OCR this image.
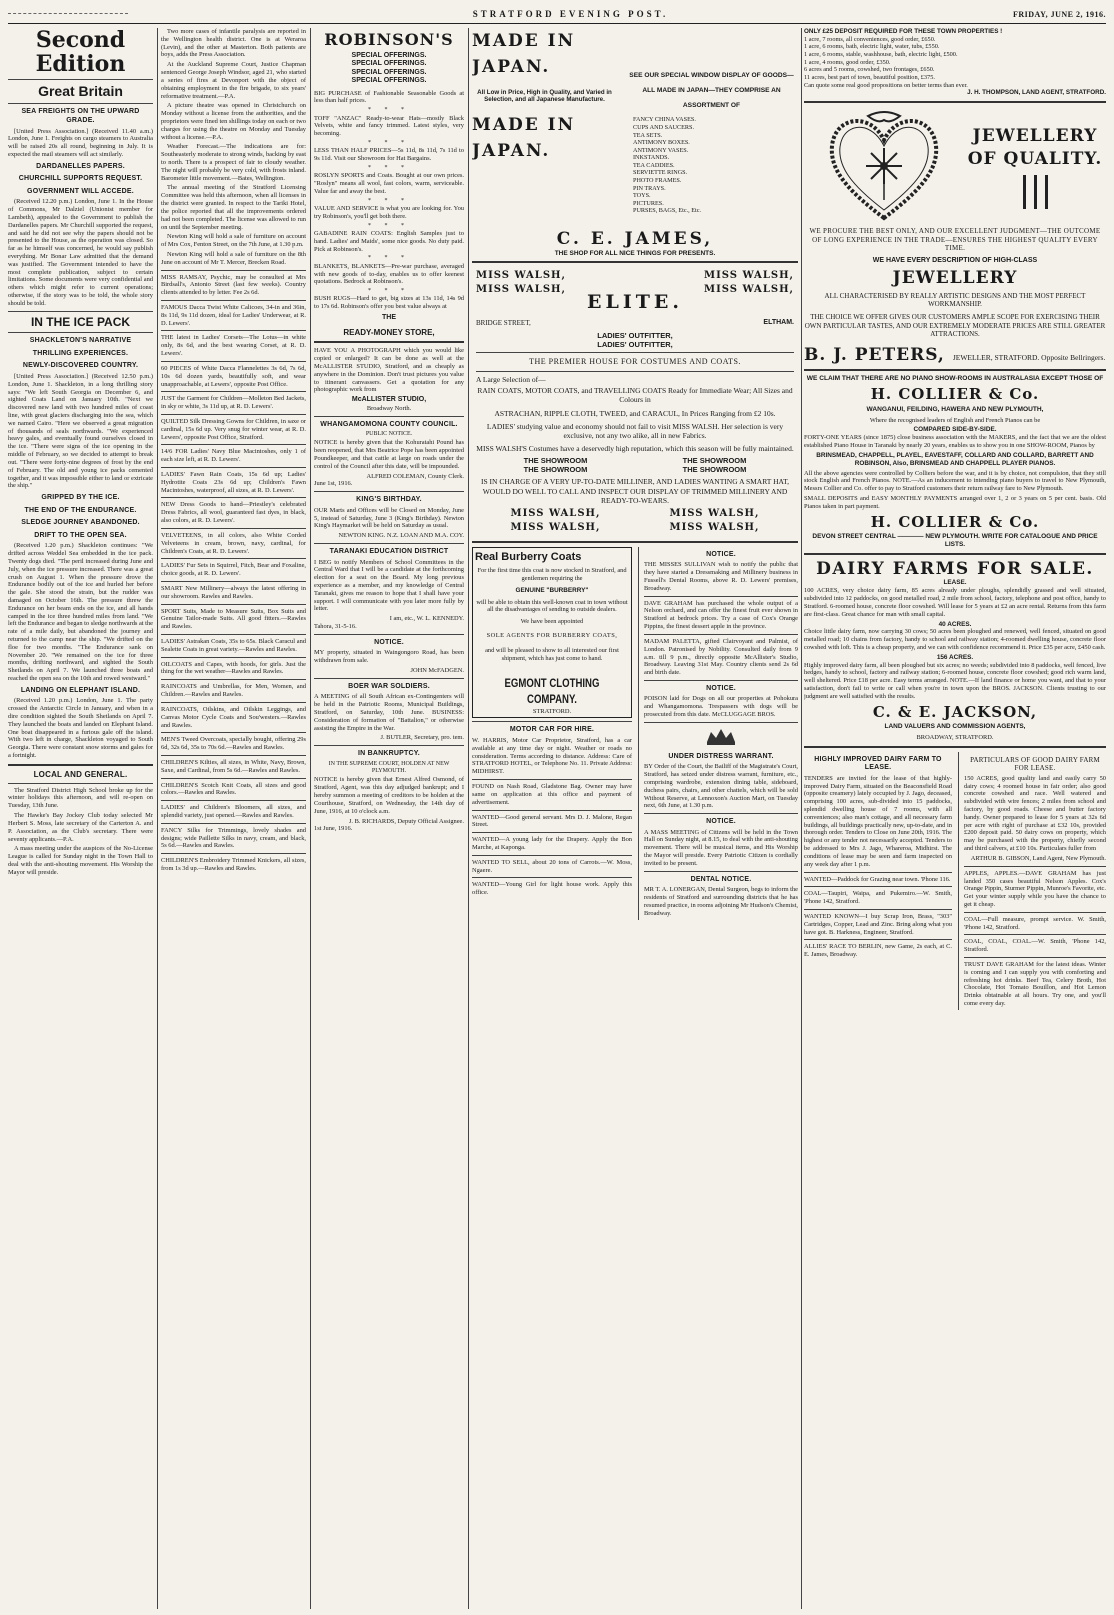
STRATFORD EVENING POST.	FRIDAY, JUNE 2, 1916.
Second Edition
Great Britain
SEA FREIGHTS ON THE UPWARD GRADE.

[United Press Association.] (Received 11.40 a.m.) London, June 1. Freights on cargo steamers to Australia will be raised 20s all round, beginning in July. It is expected the mail steamers will act similarly.

DARDANELLES PAPERS.
CHURCHILL SUPPORTS REQUEST.
GOVERNMENT WILL ACCEDE.

(Received 12.20 p.m.) London, June 1. In the House of Commons, Mr Dalziel (Unionist member for Lambeth), appealed to the Government to publish the Dardanelles papers. Mr Churchill supported the request, and said he did not see why the papers should not be presented to the House, as the operation was closed. So far as he himself was concerned, he would say publish everything. Mr Bonar Law admitted that the demand was justified. The Government intended to have the most complete publication, subject to certain limitations. Some documents were very confidential and others which might refer to current operations; otherwise, if the story was to be told, the whole story should be told.

IN THE ICE PACK
SHACKLETON'S NARRATIVE
THRILLING EXPERIENCES.
NEWLY-DISCOVERED COUNTRY.

[United Press Association.] (Received 12.50 p.m.) London, June 1. Shackleton, in a long thrilling story says: "We left South Georgia on December 6, and sighted Coats Land on January 10th. "Next we discovered new land with two hundred miles of coast line, with great glaciers discharging into the sea, which we named Cairo. "Here we observed a great migration of thousands of seals northwards. "We experienced heavy gales, and eventually found ourselves closed in the ice. "There were signs of the ice opening in the middle of February, so we decided to attempt to break out. "There were forty-nine degrees of frost by the end of February. The old and young ice packs cemented together, and it was impossible either to land or extricate the ship."

GRIPPED BY THE ICE.
THE END OF THE ENDURANCE.
SLEDGE JOURNEY ABANDONED.
DRIFT TO THE OPEN SEA.

(Received 1.20 p.m.) Shackleton continues: "We drifted across Weddel Sea embedded in the ice pack. Twenty dogs died. "The peril increased during June and July, when the ice pressure increased. There was a great crush on August 1. When the pressure drove the Endurance bodily out of the ice and hurled her before the gale. She stood the strain, but the rudder was damaged on October 16th. The pressure threw the Endurance on her beam ends on the ice, and all hands camped in the ice three hundred miles from land. "We left the Endurance and began to sledge northwards at the rate of a mile daily, but abandoned the journey and returned to the camp near the ship. "We drifted on the floe for two months. "The Endurance sank on November 20. "We remained on the ice for three months, drifting northward, and sighted the South Shetlands on April 7. We launched three boats and reached the open sea on the 10th and rowed westward."

LANDING ON ELEPHANT ISLAND.

(Received 1.20 p.m.) London, June 1. The party crossed the Antarctic Circle in January, and when in a dire condition sighted the South Shetlands on April 7. They launched the boats and landed on Elephant Island. One boat disappeared in a furious gale off the island. With two left in charge, Shackleton voyaged to South Georgia. There were constant snow storms and gales for a fortnight.

LOCAL AND GENERAL.

The Stratford District High School broke up for the winter holidays this afternoon, and will re-open on Tuesday, 13th June.

The Hawke's Bay Jockey Club today selected Mr Herbert S. Moss, late secretary of the Carterton A. and P. Association, as the Club's secretary. There were seventy applicants.—P.A.

A mass meeting under the auspices of the No-License League is called for Sunday night in the Town Hall to deal with the anti-shouting movement. His Worship the Mayor will preside.

Two more cases of infantile paralysis are reported in the Wellington health district. One is at Weraroa (Levin), and the other at Masterton. Both patients are boys, adds the Press Association.

At the Auckland Supreme Court, Justice Chapman sentenced George Joseph Windsor, aged 21, who started a series of fires at Devonport with the object of obtaining employment in the fire brigade, to six years' reformative treatment.—P.A.

A picture theatre was opened in Christchurch on Monday without a license from the authorities, and the proprietors were fined ten shillings today on each or two charges for using the theatre on Monday and Tuesday without a license.—P.A.

Weather Forecast.—The indications are for: Southeasterly moderate to strong winds, backing by east to north. There is a prospect of fair to cloudy weather. The night will probably be very cold, with frosts inland. Barometer little movement.—Bates, Wellington.

The annual meeting of the Stratford Licensing Committee was held this afternoon, when all licenses in the district were granted. In respect to the Tariki Hotel, the police reported that all the improvements ordered had not been completed. The license was allowed to run on until the September meeting.

Newton King will hold a sale of furniture on account of Mrs Cox, Fenton Street, on the 7th June, at 1.30 p.m.

Newton King will hold a sale of furniture on the 8th June on account of Mr T. Mercer, Brecken Road.

MISS RAMSAY, Psychic, may be consulted at Mrs Birdsall's, Antonio Street (last few weeks). Country clients attended to by letter. Fee 2s 6d.

FAMOUS Dacca Twist White Calicoes, 34-in and 36in, 8s 11d, 9s 11d dozen, ideal for Ladies' Underwear, at R. D. Lewers'.

THE latest in Ladies' Corsets—The Lotus—in white only, 8s 6d, and the best wearing Corset, at R. D. Lewers'.

60 PIECES of White Dacca Flannelettes 3s 6d, 7s 6d, 10s 6d dozen yards, beautifully soft, and wear unapproachable, at Lewers', opposite Post Office.

JUST the Garment for Children—Molleton Bed Jackets, in sky or white, 3s 11d up, at R. D. Lewers'.

QUILTED Silk Dressing Gowns for Children, in saxe or cardinal, 15s 6d up. Very snug for winter wear, at R. D. Lewers', opposite Post Office, Stratford.

14/6 FOR Ladies' Navy Blue Macintoshes, only 1 of each size left, at R. D. Lewers'.

LADIES' Fawn Rain Coats, 15s 6d up; Ladies' Hydrotite Coats 23s 6d up; Children's Fawn Macintoshes, waterproof, all sizes, at R. D. Lewers'.

NEW Dress Goods to hand—Priestley's celebrated Dress Fabrics, all wool, guaranteed fast dyes, in black, also colors, at R. D. Lewers'.

VELVETEENS, in all colors, also White Corded Velveteens in cream, brown, navy, cardinal, for Children's Coats, at R. D. Lewers'.

LADIES' Fur Sets in Squirrel, Fitch, Bear and Foxaline, choice goods, at R. D. Lewers'.

SMART New Millinery—always the latest offering in our showroom. Rawles and Rawles.

SPORT Suits, Made to Measure Suits, Box Suits and Genuine Tailor-made Suits. All good fitters.—Rawles and Rawles.

LADIES' Astrakan Coats, 35s to 65s. Black Caracul and Sealette Coats in great variety.—Rawles and Rawles.

OILCOATS and Capes, with hoods, for girls. Just the thing for the wet weather—Rawles and Rawles.

RAINCOATS and Umbrellas, for Men, Women, and Children.—Rawles and Rawles.

RAINCOATS, Oilskins, and Oilskin Leggings, and Canvas Motor Cycle Coats and Sou'westers.—Rawles and Rawles.

MEN'S Tweed Overcoats, specially bought, offering 29s 6d, 32s 6d, 35s to 70s 6d.—Rawles and Rawles.

CHILDREN'S Kilties, all sizes, in White, Navy, Brown, Saxe, and Cardinal, from 5s 6d.—Rawles and Rawles.

CHILDREN'S Scotch Knit Coats, all sizes and good colors.—Rawles and Rawles.

LADIES' and Children's Bloomers, all sizes, and splendid variety, just opened.—Rawles and Rawles.

FANCY Silks for Trimmings, lovely shades and designs; wide Paillette Silks in navy, cream, and black, 5s 6d.—Rawles and Rawles.

CHILDREN'S Embroidery Trimmed Knickers, all sizes, from 1s 3d up.—Rawles and Rawles.

ROBINSON'S
SPECIAL OFFERINGS.
SPECIAL OFFERINGS.
SPECIAL OFFERINGS.
SPECIAL OFFERINGS.

BIG PURCHASE of Fashionable Seasonable Goods at less than half prices.

* * *

TOFF "ANZAC" Ready-to-wear Hats—mostly Black Velvets, white and fancy trimmed. Latest styles, very becoming.

* * *

LESS THAN HALF PRICES—5s 11d, 8s 11d, 7s 11d to 9s 11d. Visit our Showroom for Hat Bargains.

* * *

ROSLYN SPORTS and Coats. Bought at our own prices. "Roslyn" means all wool, fast colors, warm, serviceable. Value far and away the best.

* * *

VALUE AND SERVICE is what you are looking for. You try Robinson's, you'll get both there.

* * *

GABADINE RAIN COATS: English Samples just to hand. Ladies' and Maids', some nice goods. No duty paid. Pick at Robinson's.

* * *

BLANKETS, BLANKETS—Pre-war purchase, averaged with new goods of to-day, enables us to offer keenest quotations. Bedrock at Robinson's.

* * *

BUSH RUGS—Hard to get, big sizes at 13s 11d, 14s 9d to 17s 6d. Robinson's offer you best value always at

THE
READY-MONEY STORE,

HAVE YOU A PHOTOGRAPH which you would like copied or enlarged? It can be done as well at the McALLISTER STUDIO, Stratford, and as cheaply as anywhere in the Dominion. Don't trust pictures you value to itinerant canvassers. Get a quotation for any photographic work from

McALLISTER STUDIO,
Broadway North.
WHANGAMOMONA COUNTY COUNCIL.
PUBLIC NOTICE.

NOTICE is hereby given that the Kohuratahi Pound has been reopened, that Mrs Beatrice Pope has been appointed Poundkeeper, and that cattle at large on roads under the control of the Council after this date, will be impounded.

ALFRED COLEMAN, County Clerk.
June 1st, 1916.
KING'S BIRTHDAY.

OUR Marts and Offices will be Closed on Monday, June 5, instead of Saturday, June 3 (King's Birthday). Newton King's Haymarket will be held on Saturday as usual.

NEWTON KING. N.Z. LOAN AND M.A. COY.
TARANAKI EDUCATION DISTRICT

I BEG to notify Members of School Committees in the Central Ward that I will be a candidate at the forthcoming election for a seat on the Board. My long previous experience as a member, and my knowledge of Central Taranaki, gives me reason to hope that I shall have your support. I will communicate with you later more fully by letter.

I am, etc., W. L. KENNEDY.
Tahora, 31-5-16.
NOTICE.

MY property, situated in Waingongoro Road, has been withdrawn from sale.

JOHN McFADGEN.
BOER WAR SOLDIERS.

A MEETING of all South African ex-Contingenters will be held in the Patriotic Rooms, Municipal Buildings, Stratford, on Saturday, 10th June. BUSINESS: Consideration of formation of "Battalion," or otherwise assisting the Empire in the War.

J. BUTLER, Secretary, pro. tem.
IN BANKRUPTCY.
IN THE SUPREME COURT, HOLDEN AT NEW PLYMOUTH.

NOTICE is hereby given that Ernest Alfred Osmond, of Stratford, Agent, was this day adjudged bankrupt; and I hereby summon a meeting of creditors to be holden at the Courthouse, Stratford, on Wednesday, the 14th day of June, 1916, at 10 o'clock a.m.

J. B. RICHARDS, Deputy Official Assignee.
1st June, 1916.
MADE IN JAPAN.

All Low in Price, High in Quality, and Varied in Selection, and all Japanese Manufacture.

MADE IN JAPAN.

SEE OUR SPECIAL WINDOW DISPLAY OF GOODS—ALL MADE IN JAPAN—THEY COMPRISE AN ASSORTMENT OF

FANCY CHINA VASES.
CUPS AND SAUCERS.
TEA SETS.
ANTIMONY BOXES.
ANTIMONY VASES.
INKSTANDS.
TEA CADDIES.
SERVIETTE RINGS.
PHOTO FRAMES.
PIN TRAYS.
TOYS.
PICTURES.
PURSES, BAGS, Etc., Etc.
C. E. JAMES,
THE SHOP FOR ALL NICE THINGS FOR PRESENTS.
MISS WALSH,
MISS WALSH,
MISS WALSH,
MISS WALSH,
ELITE.
BRIDGE STREET,	ELTHAM.
LADIES' OUTFITTER,
LADIES' OUTFITTER,
THE PREMIER HOUSE FOR COSTUMES AND COATS.

A Large Selection of—

RAIN COATS, MOTOR COATS, and TRAVELLING COATS Ready for Immediate Wear; All Sizes and Colours in

ASTRACHAN, RIPPLE CLOTH, TWEED, and CARACUL, In Prices Ranging from £2 10s.

LADIES' studying value and economy should not fail to visit MISS WALSH. Her selection is very exclusive, not any two alike, all in new Fabrics.

MISS WALSH'S Costumes have a deservedly high reputation, which this season will be fully maintained.

THE SHOWROOM
THE SHOWROOM
THE SHOWROOM
THE SHOWROOM

IS IN CHARGE OF A VERY UP-TO-DATE MILLINER, AND LADIES WANTING A SMART HAT, WOULD DO WELL TO CALL AND INSPECT OUR DISPLAY OF TRIMMED MILLINERY AND READY-TO-WEARS.

MISS WALSH,
MISS WALSH,
MISS WALSH,
MISS WALSH,
Real Burberry Coats

For the first time this coat is now stocked in Stratford, and gentlemen requiring the

GENUINE "BURBERRY"

will be able to obtain this well-known coat in town without all the disadvantages of sending to outside dealers.

We have been appointed

SOLE AGENTS FOR BURBERRY COATS,

and will be pleased to show to all interested our first shipment, which has just come to hand.

EGMONT CLOTHING COMPANY.
STRATFORD.
MOTOR CAR FOR HIRE.

W. HARRIS, Motor Car Proprietor, Stratford, has a car available at any time day or night. Weather or roads no consideration. Terms according to distance. Address: Care of STRATFORD HOTEL, or Telephone No. 11. Private Address: MIDHIRST.

FOUND on Nash Road, Gladstone Bag. Owner may have same on application at this office and payment of advertisement.

WANTED—Good general servant. Mrs D. J. Malone, Regan Street.

WANTED—A young lady for the Drapery. Apply the Bon Marche, at Kaponga.

WANTED TO SELL, about 20 tons of Carrots.—W. Moss, Ngaere.

WANTED—Young Girl for light house work. Apply this office.

NOTICE.

THE MISSES SULLIVAN wish to notify the public that they have started a Dressmaking and Millinery business in Fussell's Dental Rooms, above R. D. Lewers' premises, Broadway.

DAVE GRAHAM has purchased the whole output of a Nelson orchard, and can offer the finest fruit ever shown in Stratford at bedrock prices. Try a case of Cox's Orange Pippins, the finest dessert apple in the province.

MADAM PALETTA, gifted Clairvoyant and Palmist, of London. Patronised by Nobility. Consulted daily from 9 a.m. till 9 p.m., directly opposite McAllister's Studio, Broadway. Leaving 31st May. Country clients send 2s 6d and birth date.

NOTICE.

POISON laid for Dogs on all our properties at Pohokura and Whangamomona. Trespassers with dogs will be prosecuted from this date. McCLUGGAGE BROS.

UNDER DISTRESS WARRANT.

BY Order of the Court, the Bailiff of the Magistrate's Court, Stratford, has seized under distress warrant, furniture, etc., comprising wardrobe, extension dining table, sideboard, duchess pairs, chairs, and other chattels, which will be sold Without Reserve, at Lennoxon's Auction Mart, on Tuesday next, 6th June, at 1.30 p.m.

NOTICE.

A MASS MEETING of Citizens will be held in the Town Hall on Sunday night, at 8.15, to deal with the anti-shouting movement. There will be musical items, and His Worship the Mayor will preside. Every Patriotic Citizen is cordially invited to be present.

DENTAL NOTICE.

MR T. A. LONERGAN, Dental Surgeon, begs to inform the residents of Stratford and surrounding districts that he has resumed practice, in rooms adjoining Mr Hudson's Chemist, Broadway.

ONLY £25 DEPOSIT REQUIRED FOR THESE TOWN PROPERTIES !
1 acre, 7 rooms, all conveniences, good order, £650.
1 acre, 6 rooms, bath, electric light, water, tubs, £550.
1 acre, 6 rooms, stable, washhouse, bath, electric light, £500.
1 acre, 4 rooms, good order, £350.
6 acres and 5 rooms, cowshed, two frontages, £650.
11 acres, best part of town, beautiful position, £375.
Can quote some real good propositions on better terms than ever.
J. H. THOMPSON, LAND AGENT, STRATFORD.
JEWELLERY OF QUALITY.

WE PROCURE THE BEST ONLY, AND OUR EXCELLENT JUDGMENT—THE OUTCOME OF LONG EXPERIENCE IN THE TRADE—ENSURES THE HIGHEST QUALITY EVERY TIME.

WE HAVE EVERY DESCRIPTION OF HIGH-CLASS
JEWELLERY

ALL CHARACTERISED BY REALLY ARTISTIC DESIGNS AND THE MOST PERFECT WORKMANSHIP.

THE CHOICE WE OFFER GIVES OUR CUSTOMERS AMPLE SCOPE FOR EXERCISING THEIR OWN PARTICULAR TASTES, AND OUR EXTREMELY MODERATE PRICES ARE STILL GREATER ATTRACTIONS.

B. J. PETERS, JEWELLER, STRATFORD. Opposite Bellringers.
WE CLAIM THAT THERE ARE NO PIANO SHOW-ROOMS IN AUSTRALASIA EXCEPT THOSE OF
H. COLLIER & Co.
WANGANUI, FEILDING, HAWERA AND NEW PLYMOUTH,

Where the recognised leaders of English and French Pianos can be

COMPARED SIDE-BY-SIDE.

FORTY-ONE YEARS (since 1875) close business association with the MAKERS, and the fact that we are the oldest established Piano House in Taranaki by nearly 20 years, enables us to show you in one SHOW-ROOM, Pianos by

BRINSMEAD, CHAPPELL, PLAYEL, EAVESTAFF, COLLARD AND COLLARD, BARRETT AND ROBINSON, Also, BRINSMEAD AND CHAPPELL PLAYER PIANOS.

All the above agencies were controlled by Colliers before the war, and it is by choice, not compulsion, that they still stock English and French Pianos. NOTE.—As an inducement to intending piano buyers to travel to New Plymouth, Messrs Collier and Co. offer to pay to Stratford customers their return railway fare to New Plymouth.

SMALL DEPOSITS and EASY MONTHLY PAYMENTS arranged over 1, 2 or 3 years on 5 per cent. basis. Old Pianos taken in part payment.

H. COLLIER & Co.
DEVON STREET CENTRAL ———— NEW PLYMOUTH. WRITE FOR CATALOGUE AND PRICE LISTS.
DAIRY FARMS FOR SALE.
LEASE.

100 ACRES, very choice dairy farm, 85 acres already under ploughs, splendidly grassed and well situated, subdivided into 12 paddocks, on good metalled road, 2 mile from school, factory, telephone and post office, handy to Stratford. 6-roomed house, concrete floor cowshed. Will lease for 5 years at £2 an acre rental. Returns from this farm are first-class. Great chance for man with small capital.

40 ACRES.

Choice little dairy farm, now carrying 30 cows; 50 acres been ploughed and renewed, well fenced, situated on good metalled road; 10 chains from factory, handy to school and railway station; 4-roomed dwelling house, concrete floor cowshed with loft. This is a cheap property, and we can with confidence recommend it. Price £35 per acre, £450 cash.

156 ACRES.

Highly improved dairy farm, all been ploughed but six acres; no weeds; subdivided into 8 paddocks, well fenced, live hedges, handy to school, factory and railway station; 6-roomed house, concrete floor cowshed; good rich warm land, well sheltered. Price £18 per acre. Easy terms arranged. NOTE.—If land finance or home you want, and that to your satisfaction, don't fail to write or call when you're in town upon the BROS. JACKSON. Clients trusting to our judgment are well satisfied with the results.

C. & E. JACKSON,
LAND VALUERS AND COMMISSION AGENTS,
BROADWAY, STRATFORD.
HIGHLY IMPROVED DAIRY FARM TO LEASE.

TENDERS are invited for the lease of that highly-improved Dairy Farm, situated on the Beaconsfield Road (opposite creamery) lately occupied by J. Jago, deceased, comprising 100 acres, sub-divided into 15 paddocks, splendid dwelling house of 7 rooms, with all conveniences; also man's cottage, and all necessary farm buildings, all buildings practically new, up-to-date, and in thorough order. Tenders to Close on June 20th, 1916. The highest or any tender not necessarily accepted. Tenders to be addressed to Mrs J. Jago, Whareroa, Midhirst. The conditions of lease may be seen and farm inspected on any week day after 1 p.m.

WANTED—Paddock for Grazing near town. 'Phone 116.

COAL—Taupiri, Waipa, and Pukemiro.—W. Smith, 'Phone 142, Stratford.

WANTED KNOWN—I buy Scrap Iron, Brass, "303" Cartridges, Copper, Lead and Zinc. Bring along what you have got. B. Harkness, Engineer, Stratford.

ALLIES' RACE TO BERLIN, new Game, 2s each, at C. E. James, Broadway.

PARTICULARS OF GOOD DAIRY FARM FOR LEASE.

150 ACRES, good quality land and easily carry 50 dairy cows; 4 roomed house in fair order; also good concrete cowshed and race. Well watered and subdivided with wire fences; 2 miles from school and factory, by good roads. Cheese and butter factory handy. Owner prepared to lease for 5 years at 32s 6d per acre with right of purchase at £32 10s, provided £200 deposit paid. 50 dairy cows on property, which may be purchased with the property, chiefly second and third calvers, at £10 10s. Particulars fuller from

ARTHUR B. GIBSON, Land Agent, New Plymouth.

APPLES, APPLES.—DAVE GRAHAM has just landed 350 cases beautiful Nelson Apples. Cox's Orange Pippin, Sturmer Pippin, Munroe's Favorite, etc. Get your winter supply while you have the chance to get it cheap.

COAL—Full measure, prompt service. W. Smith, 'Phone 142, Stratford.

COAL, COAL, COAL.—W. Smith, 'Phone 142, Stratford.

TRUST DAVE GRAHAM for the latest ideas. Winter is coming and I can supply you with comforting and refreshing hot drinks. Beef Tea, Celery Broth, Hot Chocolate, Hot Tomato Bouillon, and Hot Lemon Drinks obtainable at all hours. Try one, and you'll come every day.
